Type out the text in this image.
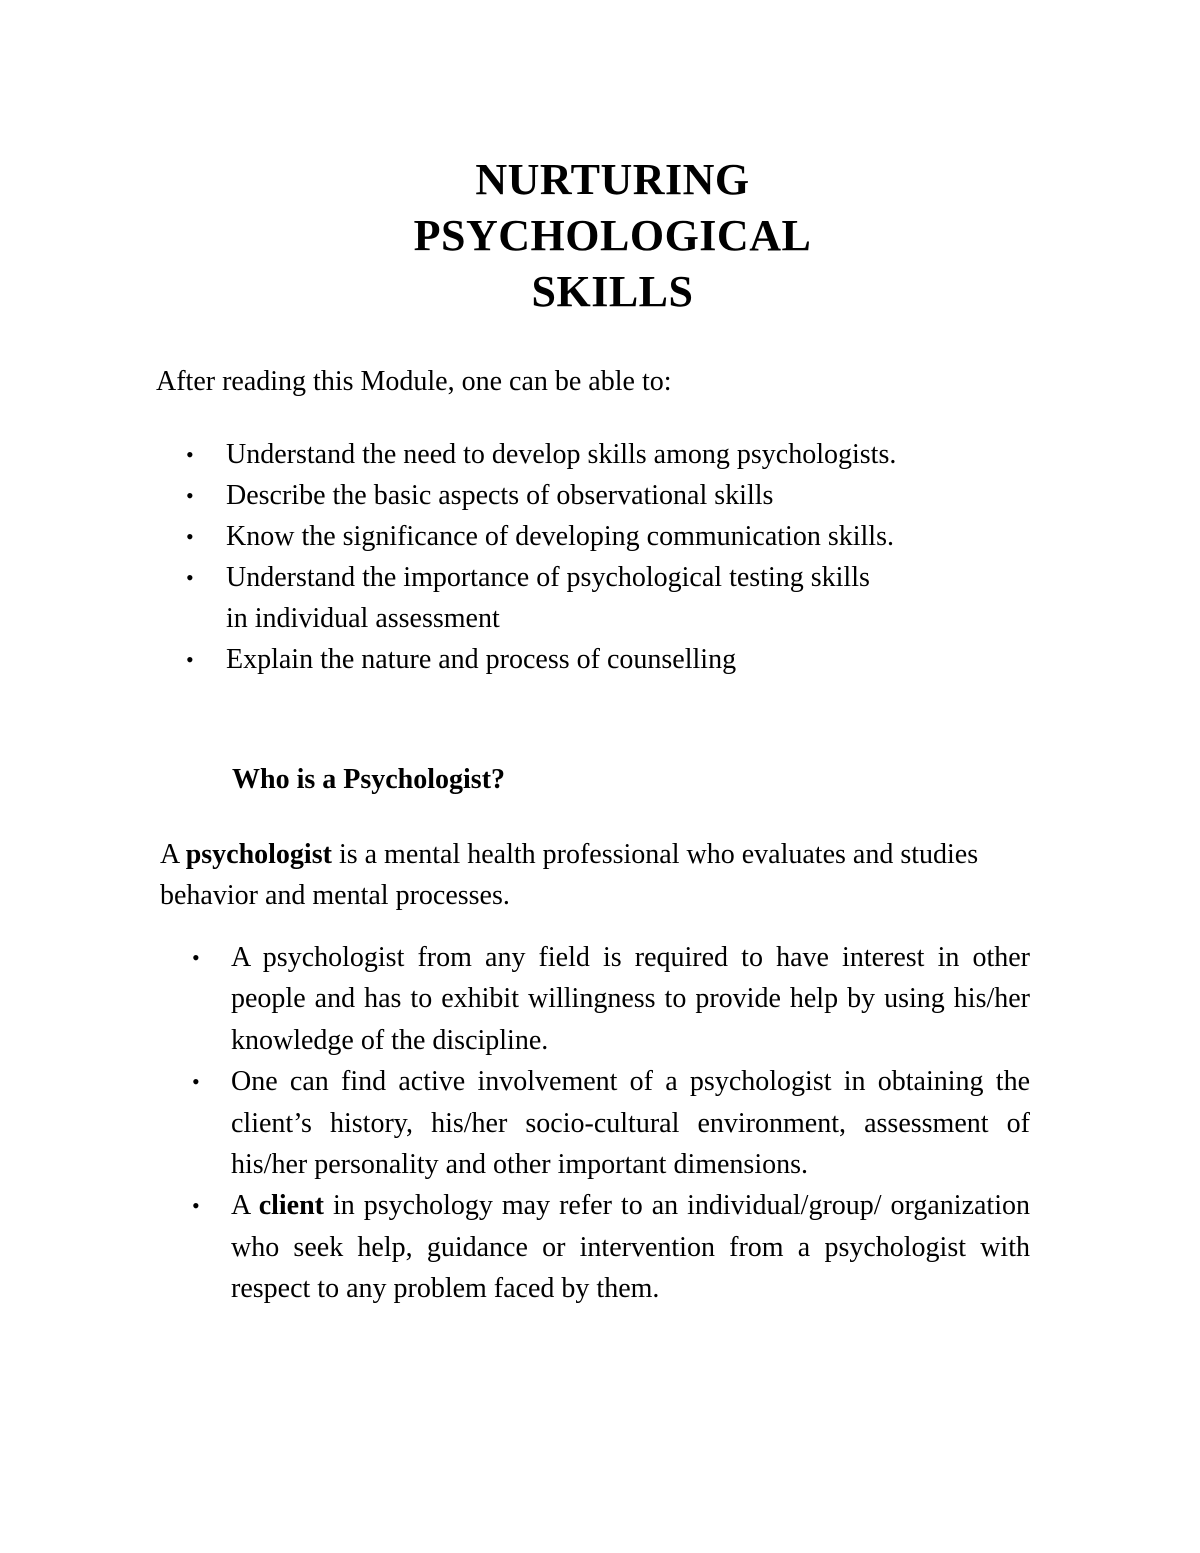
NURTURING
PSYCHOLOGICAL
SKILLS
After reading this Module, one can be able to:
• Understand the need to develop skills among psychologists.
• Describe the basic aspects of observational skills
• Know the significance of developing communication skills.
• Understand the importance of psychological testing skills
in individual assessment
• Explain the nature and process of counselling
Who is a Psychologist?

A psychologist is a mental health professional who evaluates and studies behavior and mental processes.

• A psychologist from any field is required to have interest in other people and has to exhibit willingness to provide help by using his/her knowledge of the discipline.
• One can find active involvement of a psychologist in obtaining the client’s history, his/her socio-cultural environment, assessment of his/her personality and other important dimensions.
• A client in psychology may refer to an individual/group/ organization who seek help, guidance or intervention from a psychologist with respect to any problem faced by them.
